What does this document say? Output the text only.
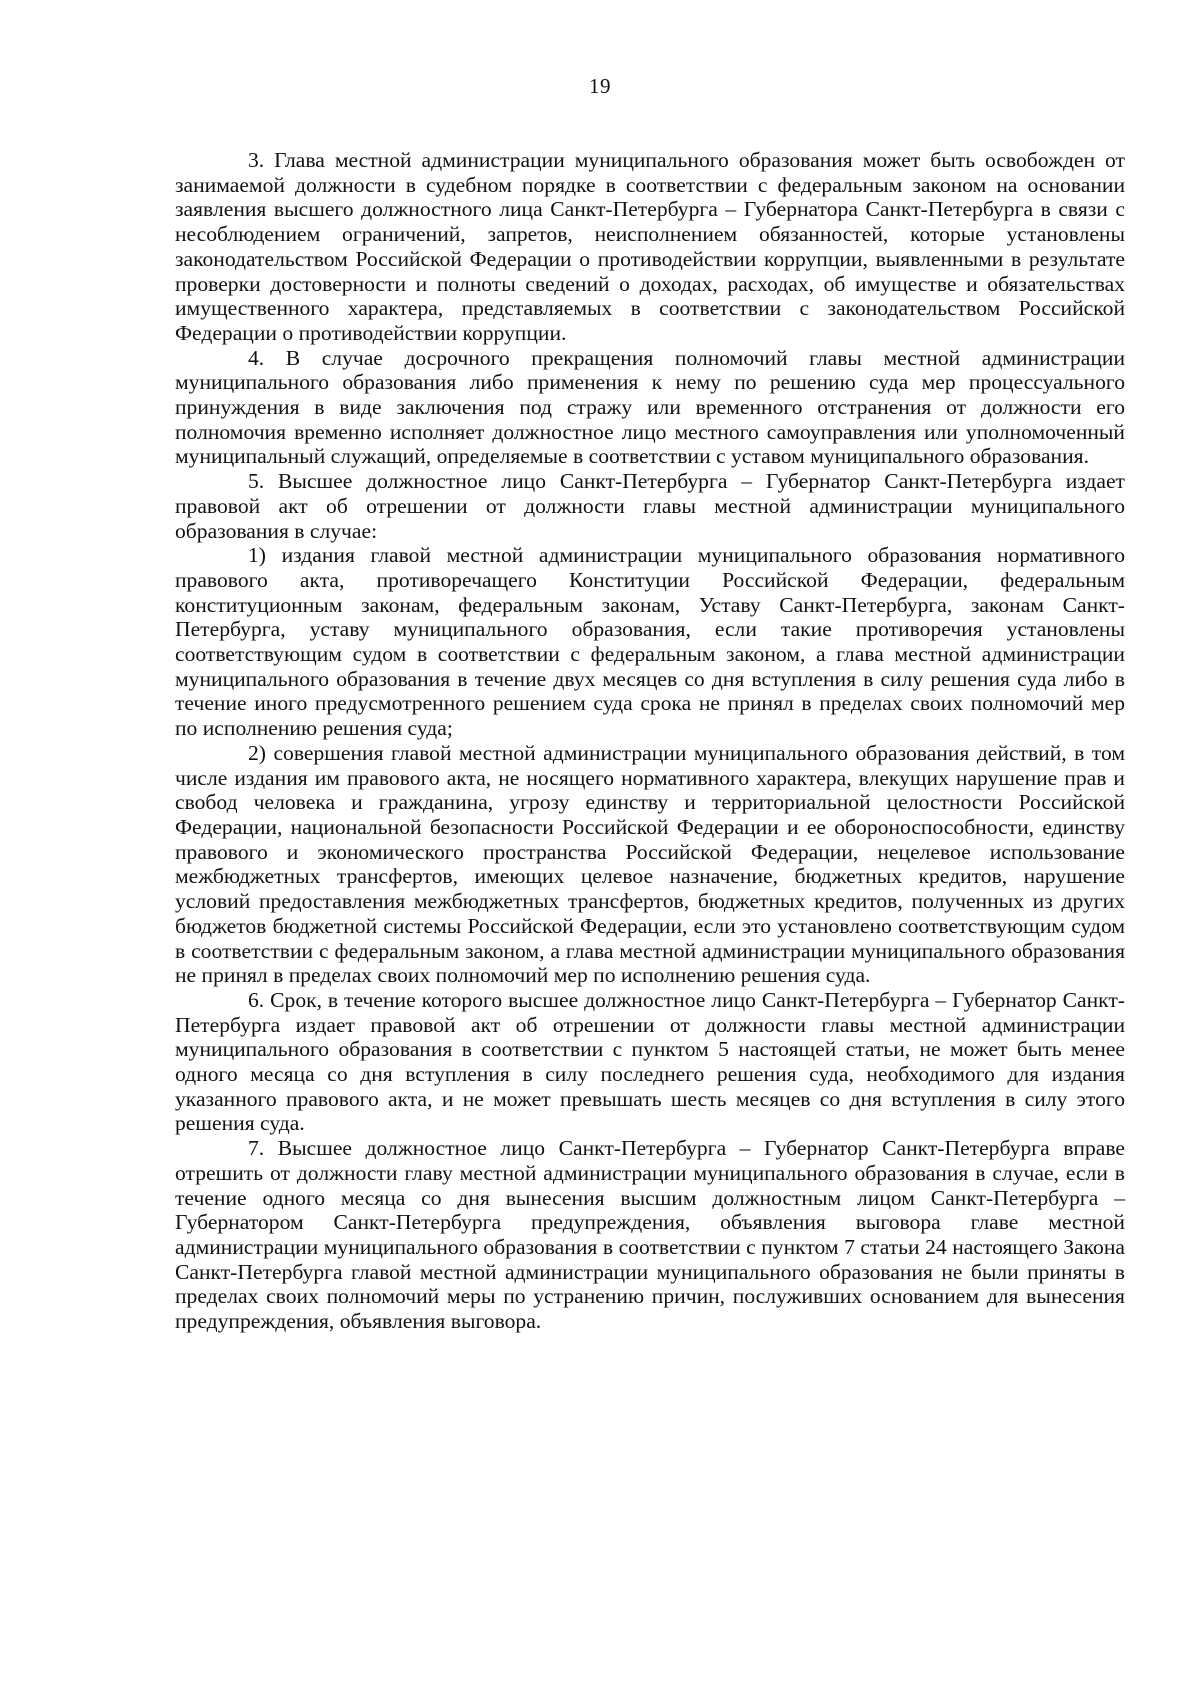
19

3. Глава местной администрации муниципального образования может быть освобожден от занимаемой должности в судебном порядке в соответствии с федеральным законом на основании заявления высшего должностного лица Санкт-Петербурга – Губернатора Санкт-Петербурга в связи с несоблюдением ограничений, запретов, неисполнением обязанностей, которые установлены законодательством Российской Федерации о противодействии коррупции, выявленными в результате проверки достоверности и полноты сведений о доходах, расходах, об имуществе и обязательствах имущественного характера, представляемых в соответствии с законодательством Российской Федерации о противодействии коррупции.

4. В случае досрочного прекращения полномочий главы местной администрации муниципального образования либо применения к нему по решению суда мер процессуального принуждения в виде заключения под стражу или временного отстранения от должности его полномочия временно исполняет должностное лицо местного самоуправления или уполномоченный муниципальный служащий, определяемые в соответствии с уставом муниципального образования.

5. Высшее должностное лицо Санкт-Петербурга – Губернатор Санкт-Петербурга издает правовой акт об отрешении от должности главы местной администрации муниципального образования в случае:

1) издания главой местной администрации муниципального образования нормативного правового акта, противоречащего Конституции Российской Федерации, федеральным конституционным законам, федеральным законам, Уставу Санкт-Петербурга, законам Санкт-Петербурга, уставу муниципального образования, если такие противоречия установлены соответствующим судом в соответствии с федеральным законом, а глава местной администрации муниципального образования в течение двух месяцев со дня вступления в силу решения суда либо в течение иного предусмотренного решением суда срока не принял в пределах своих полномочий мер по исполнению решения суда;

2) совершения главой местной администрации муниципального образования действий, в том числе издания им правового акта, не носящего нормативного характера, влекущих нарушение прав и свобод человека и гражданина, угрозу единству и территориальной целостности Российской Федерации, национальной безопасности Российской Федерации и ее обороноспособности, единству правового и экономического пространства Российской Федерации, нецелевое использование межбюджетных трансфертов, имеющих целевое назначение, бюджетных кредитов, нарушение условий предоставления межбюджетных трансфертов, бюджетных кредитов, полученных из других бюджетов бюджетной системы Российской Федерации, если это установлено соответствующим судом в соответствии с федеральным законом, а глава местной администрации муниципального образования не принял в пределах своих полномочий мер по исполнению решения суда.

6. Срок, в течение которого высшее должностное лицо Санкт-Петербурга – Губернатор Санкт-Петербурга издает правовой акт об отрешении от должности главы местной администрации муниципального образования в соответствии с пунктом 5 настоящей статьи, не может быть менее одного месяца со дня вступления в силу последнего решения суда, необходимого для издания указанного правового акта, и не может превышать шесть месяцев со дня вступления в силу этого решения суда.

7. Высшее должностное лицо Санкт-Петербурга – Губернатор Санкт-Петербурга вправе отрешить от должности главу местной администрации муниципального образования в случае, если в течение одного месяца со дня вынесения высшим должностным лицом Санкт-Петербурга – Губернатором Санкт-Петербурга предупреждения, объявления выговора главе местной администрации муниципального образования в соответствии с пунктом 7 статьи 24 настоящего Закона Санкт-Петербурга главой местной администрации муниципального образования не были приняты в пределах своих полномочий меры по устранению причин, послуживших основанием для вынесения предупреждения, объявления выговора.
